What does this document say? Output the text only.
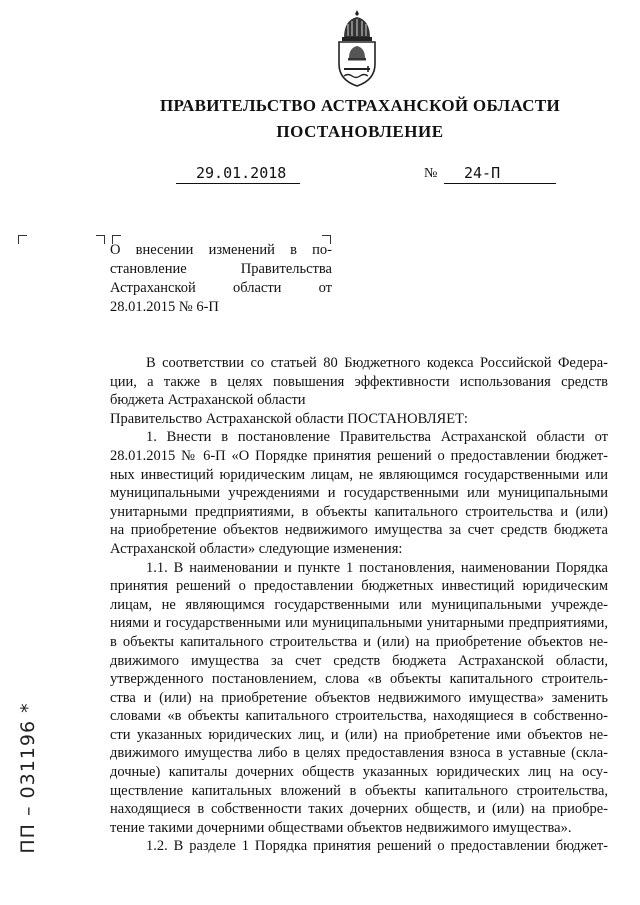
ПРАВИТЕЛЬСТВО АСТРАХАНСКОЙ ОБЛАСТИ
ПОСТАНОВЛЕНИЕ
29.01.2018	№	24-П
О внесении изменений в по-
становление Правительства
Астраханской области от
28.01.2015 № 6-П
В соответствии со статьей 80 Бюджетного кодекса Российской Федера-
ции, а также в целях повышения эффективности использования средств
бюджета Астраханской области
Правительство Астраханской области ПОСТАНОВЛЯЕТ:
1. Внести в постановление Правительства Астраханской области от
28.01.2015 № 6-П «О Порядке принятия решений о предоставлении бюджет-
ных инвестиций юридическим лицам, не являющимся государственными или
муниципальными учреждениями и государственными или муниципальными
унитарными предприятиями, в объекты капитального строительства и (или)
на приобретение объектов недвижимого имущества за счет средств бюджета
Астраханской области» следующие изменения:
1.1. В наименовании и пункте 1 постановления, наименовании Порядка
принятия решений о предоставлении бюджетных инвестиций юридическим
лицам, не являющимся государственными или муниципальными учрежде-
ниями и государственными или муниципальными унитарными предприятиями,
в объекты капитального строительства и (или) на приобретение объектов не-
движимого имущества за счет средств бюджета Астраханской области,
утвержденного постановлением, слова «в объекты капитального строитель-
ства и (или) на приобретение объектов недвижимого имущества» заменить
словами «в объекты капитального строительства, находящиеся в собственно-
сти указанных юридических лиц, и (или) на приобретение ими объектов не-
движимого имущества либо в целях предоставления взноса в уставные (скла-
дочные) капиталы дочерних обществ указанных юридических лиц на осу-
ществление капитальных вложений в объекты капитального строительства,
находящиеся в собственности таких дочерних обществ, и (или) на приобре-
тение такими дочерними обществами объектов недвижимого имущества».
1.2. В разделе 1 Порядка принятия решений о предоставлении бюджет-
ПП – 031196 *
